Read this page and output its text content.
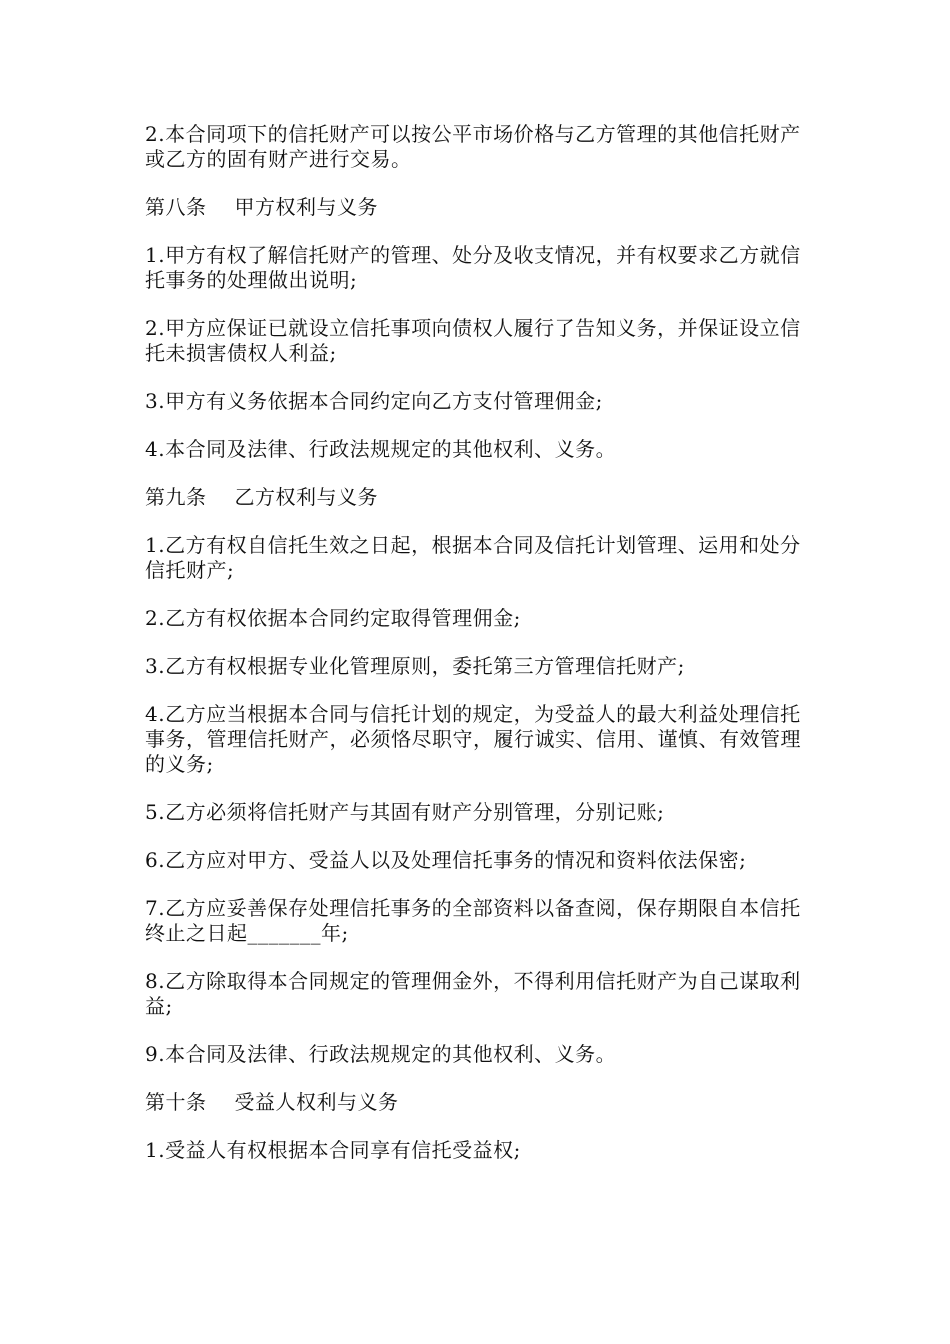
2.本合同项下的信托财产可以按公平市场价格与乙方管理的其他信托财产或乙方的固有财产进行交易。

第八条 甲方权利与义务

1.甲方有权了解信托财产的管理、处分及收支情况，并有权要求乙方就信托事务的处理做出说明;

2.甲方应保证已就设立信托事项向债权人履行了告知义务，并保证设立信托未损害债权人利益;

3.甲方有义务依据本合同约定向乙方支付管理佣金;

4.本合同及法律、行政法规规定的其他权利、义务。

第九条 乙方权利与义务

1.乙方有权自信托生效之日起，根据本合同及信托计划管理、运用和处分信托财产;

2.乙方有权依据本合同约定取得管理佣金;

3.乙方有权根据专业化管理原则，委托第三方管理信托财产;

4.乙方应当根据本合同与信托计划的规定，为受益人的最大利益处理信托事务，管理信托财产，必须恪尽职守，履行诚实、信用、谨慎、有效管理的义务;

5.乙方必须将信托财产与其固有财产分别管理，分别记账;

6.乙方应对甲方、受益人以及处理信托事务的情况和资料依法保密;

7.乙方应妥善保存处理信托事务的全部资料以备查阅，保存期限自本信托终止之日起_______年;

8.乙方除取得本合同规定的管理佣金外，不得利用信托财产为自己谋取利益;

9.本合同及法律、行政法规规定的其他权利、义务。

第十条 受益人权利与义务

1.受益人有权根据本合同享有信托受益权;
